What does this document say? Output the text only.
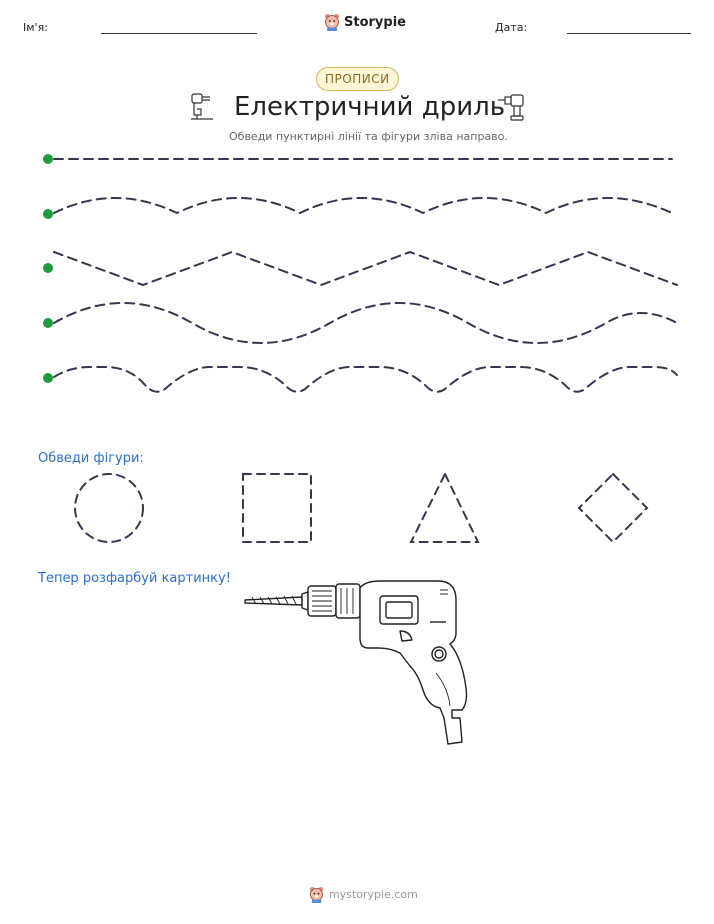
Ім'я:	Storypie	Дата:
ПРОПИСИ
Електричний дриль
Обведи пунктирні лінії та фігури зліва направо.
Обведи фігури:
Тепер розфарбуй картинку!
mystorypie.com
